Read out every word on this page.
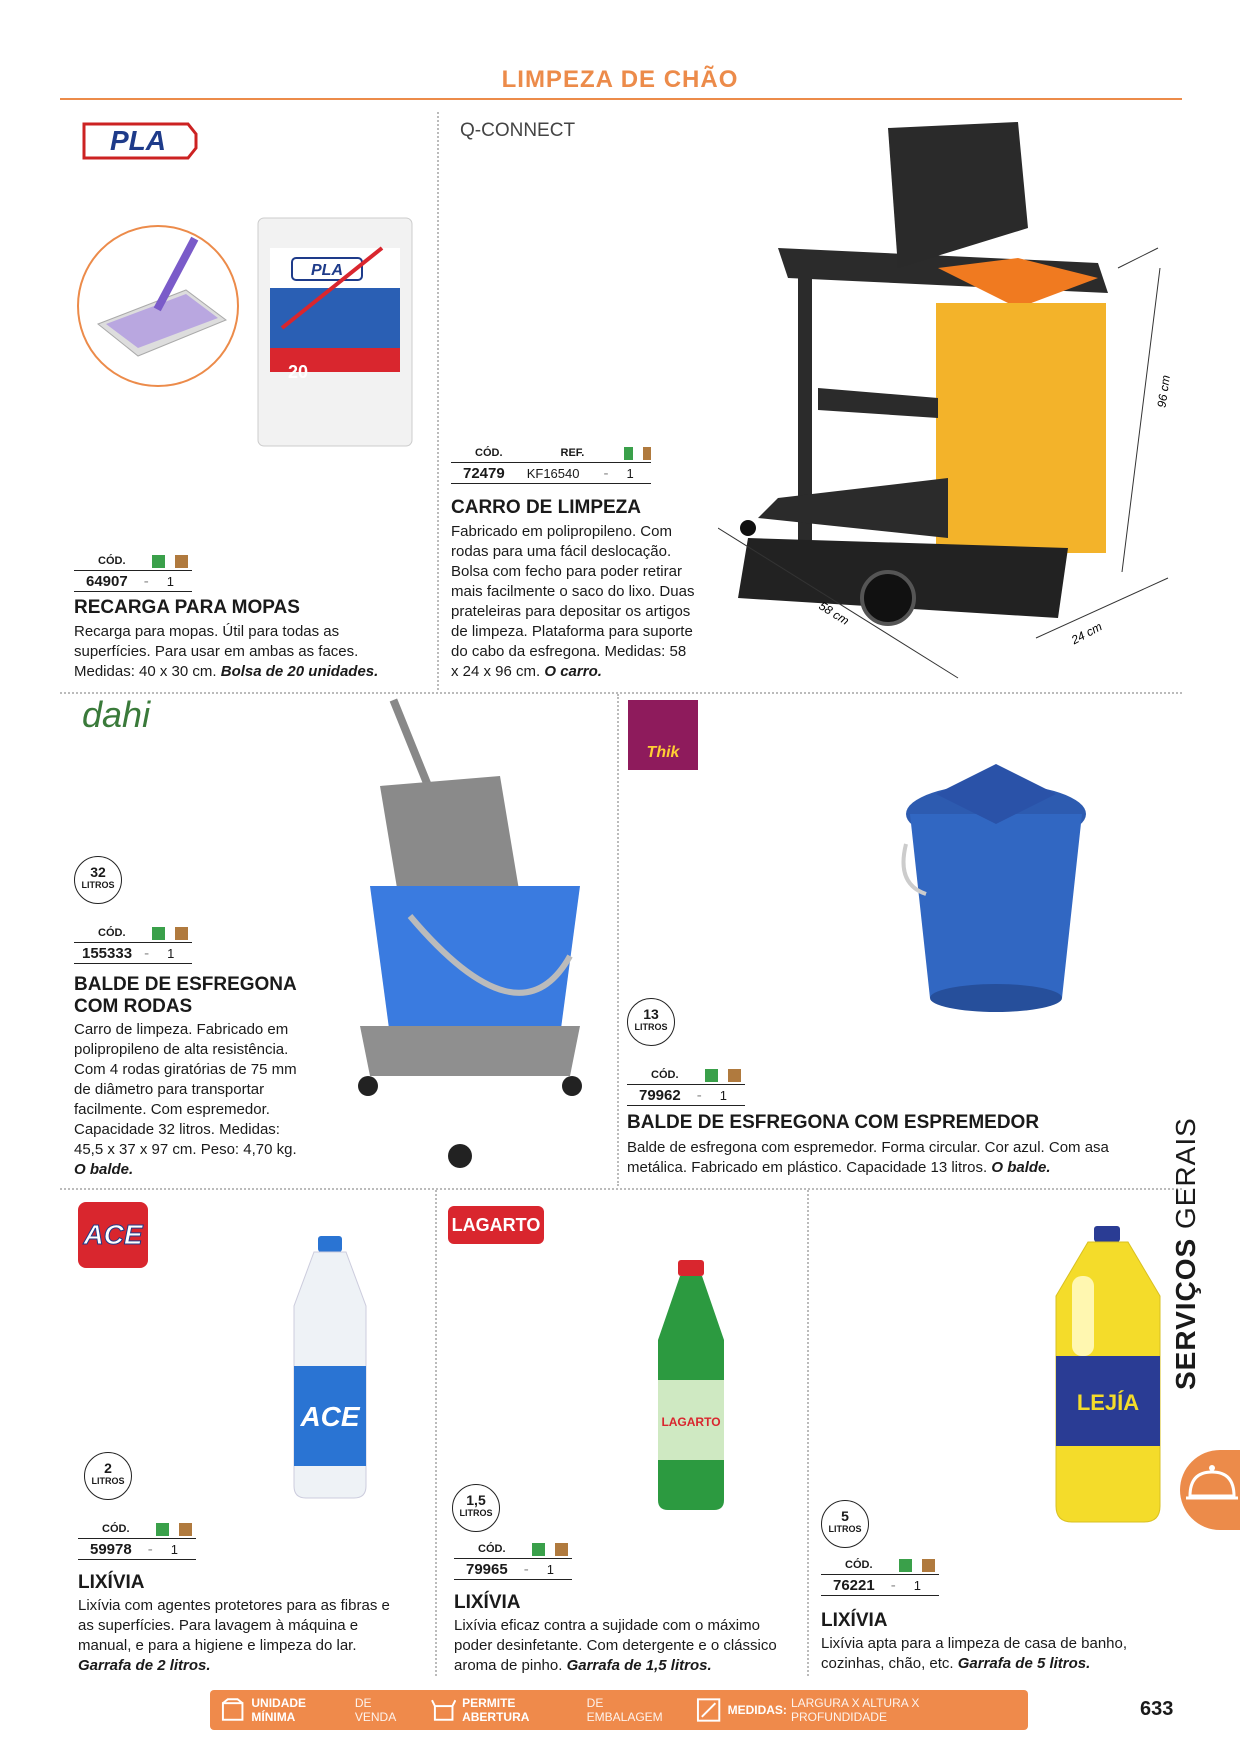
LIMPEZA DE CHÃO
PLA
PLA
20
CÓD.
64907 - 1
RECARGA PARA MOPAS
Recarga para mopas. Útil para todas as superfícies. Para usar em ambas as faces. Medidas: 40 x 30 cm. Bolsa de 20 unidades.
Q-CONNECT
96 cm
58 cm
24 cm
CÓD.	REF.
72479 KF16540 - 1
CARRO DE LIMPEZA
Fabricado em polipropileno. Com rodas para uma fácil deslocação. Bolsa com fecho para poder retirar mais facilmente o saco do lixo. Duas prateleiras para depositar os artigos de limpeza. Plataforma para suporte do cabo da esfregona. Medidas: 58 x 24 x 96 cm. O carro.
dahi
32
LITROS
CÓD.
155333 - 1
BALDE DE ESFREGONA
COM RODAS
Carro de limpeza. Fabricado em polipropileno de alta resistência. Com 4 rodas giratórias de 75 mm de diâmetro para transportar facilmente. Com espremedor. Capacidade 32 litros. Medidas: 45,5 x 37 x 97 cm. Peso: 4,70 kg. O balde.
Thik
13
LITROS
CÓD.
79962 - 1
BALDE DE ESFREGONA COM ESPREMEDOR
Balde de esfregona com espremedor. Forma circular. Cor azul. Com asa metálica. Fabricado em plástico. Capacidade 13 litros. O balde.
ACE
ACE
2
LITROS
CÓD.
59978 - 1
LIXÍVIA
Lixívia com agentes protetores para as fibras e as superfícies. Para lavagem à máquina e manual, e para a higiene e limpeza do lar. Garrafa de 2 litros.
LAGARTO
LAGARTO
1,5
LITROS
CÓD.
79965 - 1
LIXÍVIA
Lixívia eficaz contra a sujidade com o máximo poder desinfetante. Com detergente e o clássico aroma de pinho. Garrafa de 1,5 litros.
LEJÍA
5
LITROS
CÓD.
76221 - 1
LIXÍVIA
Lixívia apta para a limpeza de casa de banho, cozinhas, chão, etc. Garrafa de 5 litros.
SERVIÇOS GERAIS
UNIDADE MÍNIMA
DE VENDA
PERMITE ABERTURA
DE EMBALAGEM	MEDIDAS: LARGURA X ALTURA X PROFUNDIDADE	633
